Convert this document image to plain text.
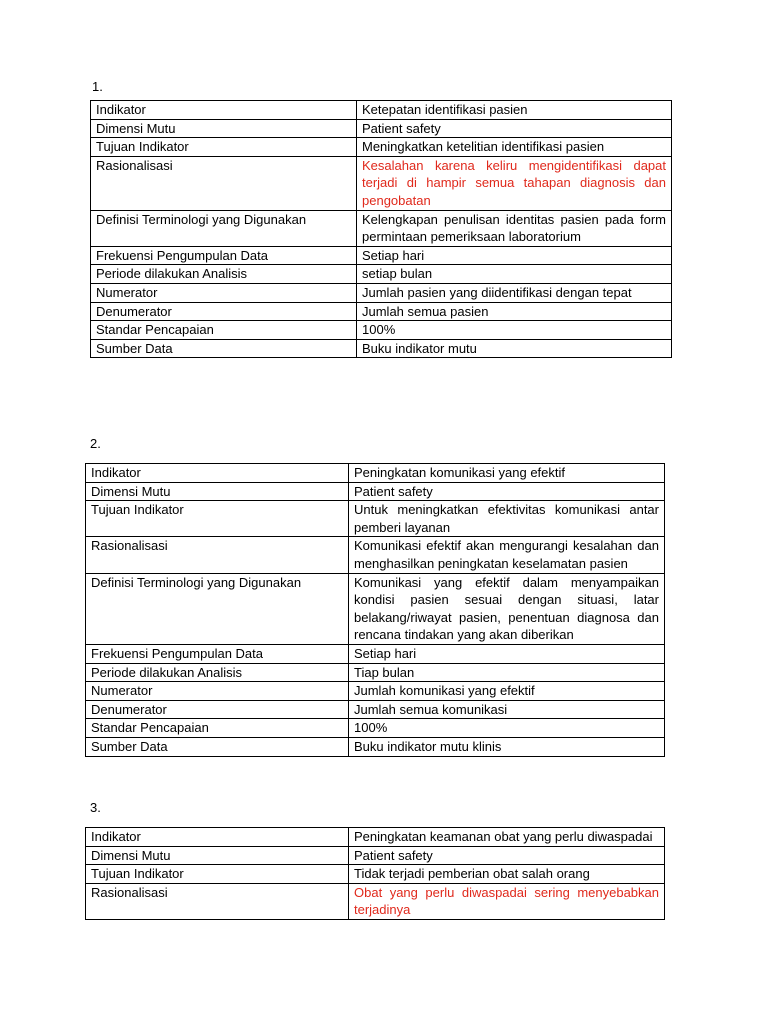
1.
Indikator	Ketepatan identifikasi pasien
Dimensi Mutu	Patient safety
Tujuan Indikator	Meningkatkan ketelitian identifikasi pasien
Rasionalisasi	Kesalahan karena keliru mengidentifikasi dapat terjadi di hampir semua tahapan diagnosis dan pengobatan
Definisi Terminologi yang Digunakan	Kelengkapan penulisan identitas pasien pada form permintaan pemeriksaan laboratorium
Frekuensi Pengumpulan Data	Setiap hari
Periode dilakukan Analisis	setiap bulan
Numerator	Jumlah pasien yang diidentifikasi dengan tepat
Denumerator	Jumlah semua pasien
Standar Pencapaian	100%
Sumber Data	Buku indikator mutu
2.
Indikator	Peningkatan komunikasi yang efektif
Dimensi Mutu	Patient safety
Tujuan Indikator	Untuk meningkatkan efektivitas komunikasi antar pemberi layanan
Rasionalisasi	Komunikasi efektif akan mengurangi kesalahan dan menghasilkan peningkatan keselamatan pasien
Definisi Terminologi yang Digunakan	Komunikasi yang efektif dalam menyampaikan kondisi pasien sesuai dengan situasi, latar belakang/riwayat pasien, penentuan diagnosa dan rencana tindakan yang akan diberikan
Frekuensi Pengumpulan Data	Setiap hari
Periode dilakukan Analisis	Tiap bulan
Numerator	Jumlah komunikasi yang efektif
Denumerator	Jumlah semua komunikasi
Standar Pencapaian	100%
Sumber Data	Buku indikator mutu klinis
3.
Indikator	Peningkatan keamanan obat yang perlu diwaspadai
Dimensi Mutu	Patient safety
Tujuan Indikator	Tidak terjadi pemberian obat salah orang
Rasionalisasi	Obat yang perlu diwaspadai sering menyebabkan terjadinya
